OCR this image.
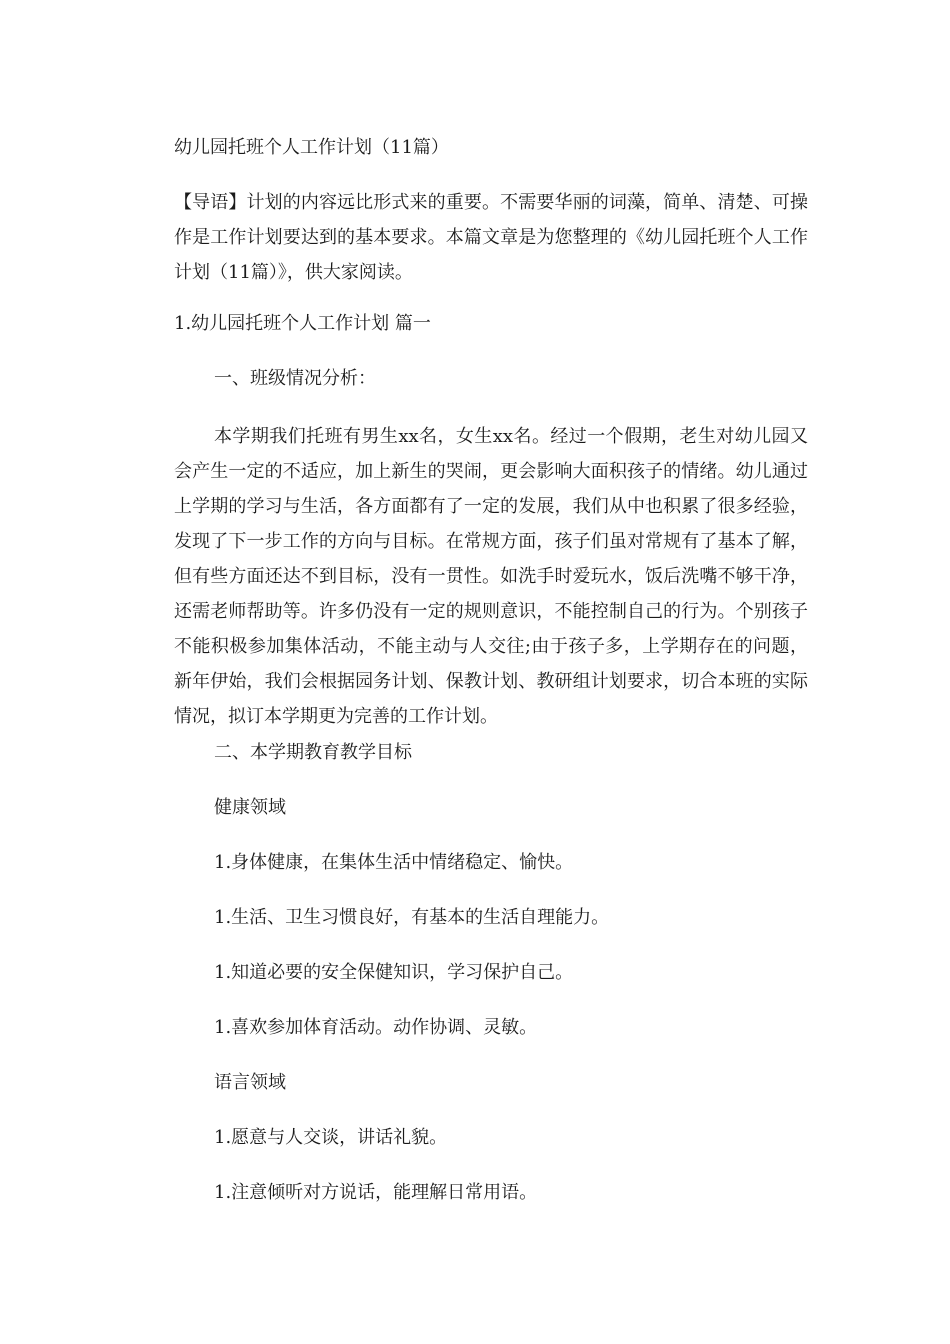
幼儿园托班个人工作计划（11篇）
【导语】计划的内容远比形式来的重要。不需要华丽的词藻，简单、清楚、可操作是工作计划要达到的基本要求。本篇文章是为您整理的《幼儿园托班个人工作计划（11篇）》，供大家阅读。
1.幼儿园托班个人工作计划 篇一
一、班级情况分析：
本学期我们托班有男生xx名，女生xx名。经过一个假期，老生对幼儿园又会产生一定的不适应，加上新生的哭闹，更会影响大面积孩子的情绪。幼儿通过上学期的学习与生活，各方面都有了一定的发展，我们从中也积累了很多经验，发现了下一步工作的方向与目标。在常规方面，孩子们虽对常规有了基本了解，但有些方面还达不到目标，没有一贯性。如洗手时爱玩水，饭后洗嘴不够干净，还需老师帮助等。许多仍没有一定的规则意识，不能控制自己的行为。个别孩子不能积极参加集体活动，不能主动与人交往;由于孩子多，上学期存在的问题，新年伊始，我们会根据园务计划、保教计划、教研组计划要求，切合本班的实际情况，拟订本学期更为完善的工作计划。
二、本学期教育教学目标
健康领域
1.身体健康，在集体生活中情绪稳定、愉快。
1.生活、卫生习惯良好，有基本的生活自理能力。
1.知道必要的安全保健知识，学习保护自己。
1.喜欢参加体育活动。动作协调、灵敏。
语言领域
1.愿意与人交谈，讲话礼貌。
1.注意倾听对方说话，能理解日常用语。
